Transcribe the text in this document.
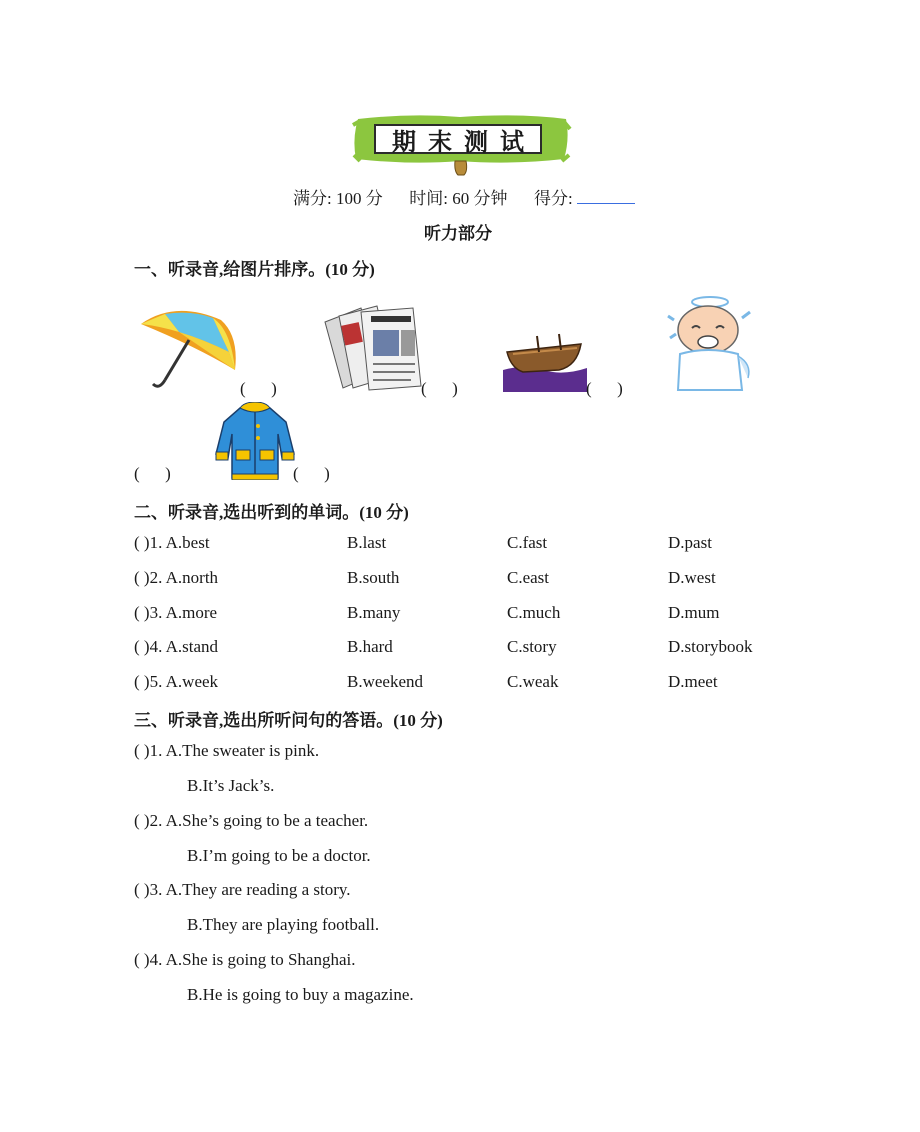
期末测试
满分: 100 分 时间: 60 分钟 得分:
听力部分
一、听录音,给图片排序。(10 分)
(      )	(      )	(      )
(      )	(      )
二、听录音,选出听到的单词。(10 分)
( )1. A.best	B.last	C.fast	D.past
( )2. A.north	B.south	C.east	D.west
( )3. A.more	B.many	C.much	D.mum
( )4. A.stand	B.hard	C.story	D.storybook
( )5. A.week	B.weekend	C.weak	D.meet
三、听录音,选出所听问句的答语。(10 分)
( )1. A.The sweater is pink.
B.It’s Jack’s.
( )2. A.She’s going to be a teacher.
B.I’m going to be a doctor.
( )3. A.They are reading a story.
B.They are playing football.
( )4. A.She is going to Shanghai.
B.He is going to buy a magazine.
